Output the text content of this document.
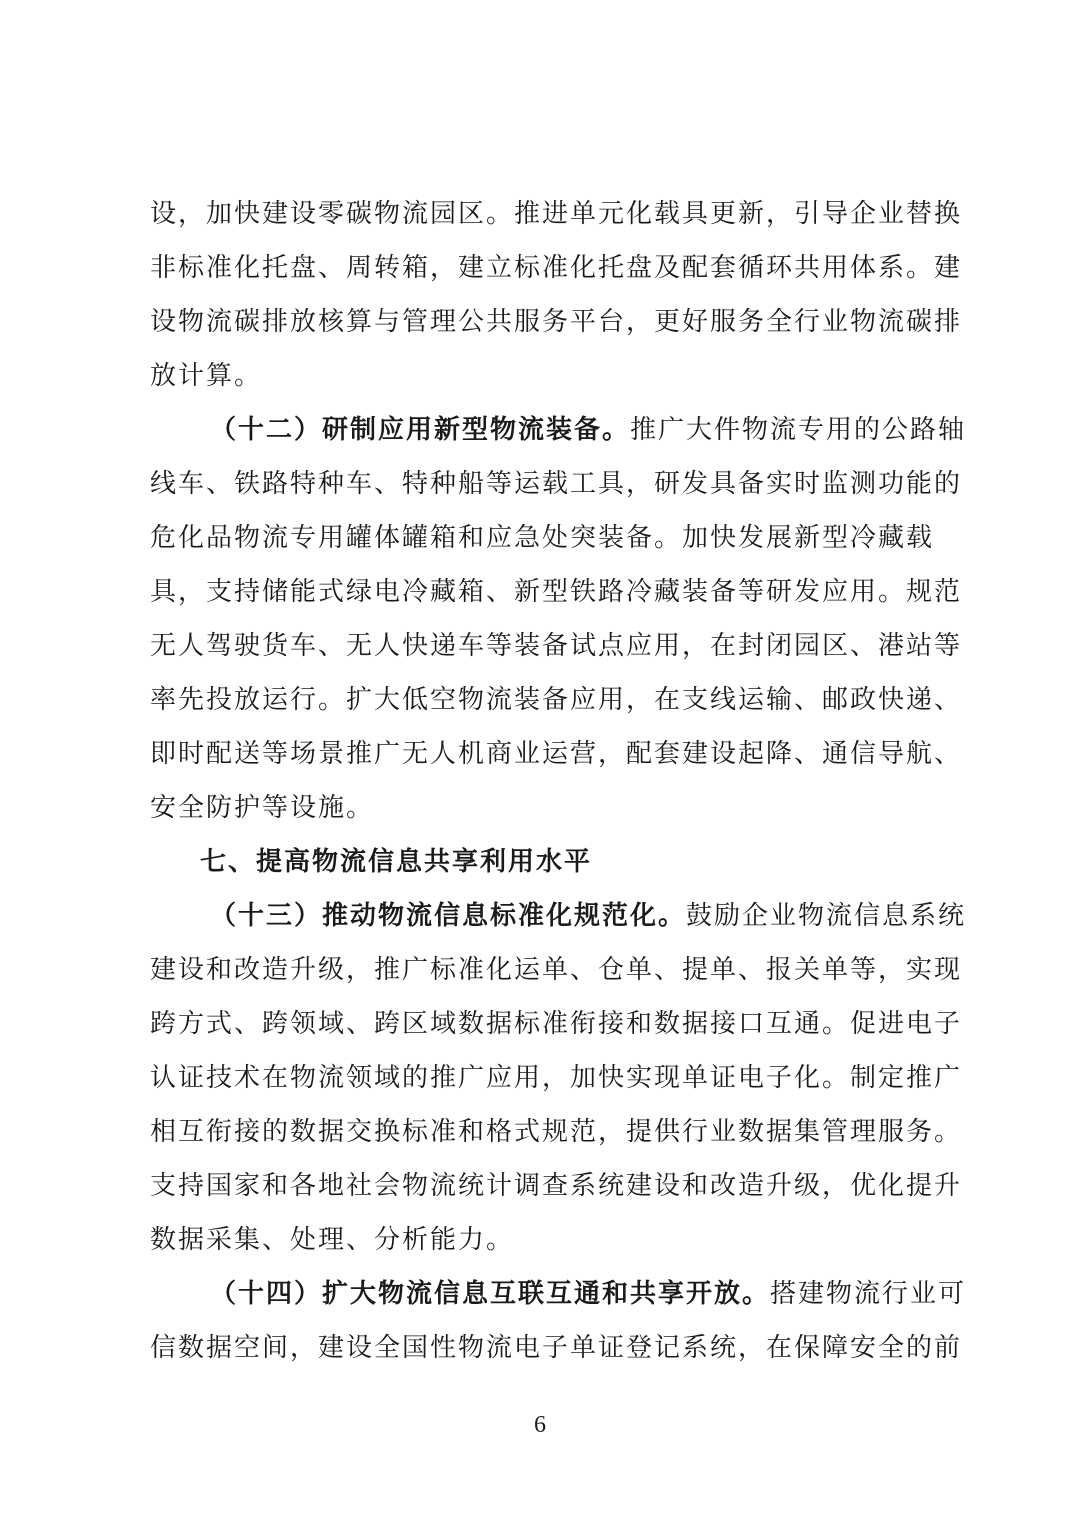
设，加快建设零碳物流园区。推进单元化载具更新，引导企业替换
非标准化托盘、周转箱，建立标准化托盘及配套循环共用体系。建
设物流碳排放核算与管理公共服务平台，更好服务全行业物流碳排
放计算。
（十二）研制应用新型物流装备。推广大件物流专用的公路轴
线车、铁路特种车、特种船等运载工具，研发具备实时监测功能的
危化品物流专用罐体罐箱和应急处突装备。加快发展新型冷藏载
具，支持储能式绿电冷藏箱、新型铁路冷藏装备等研发应用。规范
无人驾驶货车、无人快递车等装备试点应用，在封闭园区、港站等
率先投放运行。扩大低空物流装备应用，在支线运输、邮政快递、
即时配送等场景推广无人机商业运营，配套建设起降、通信导航、
安全防护等设施。
七、提高物流信息共享利用水平
（十三）推动物流信息标准化规范化。鼓励企业物流信息系统
建设和改造升级，推广标准化运单、仓单、提单、报关单等，实现
跨方式、跨领域、跨区域数据标准衔接和数据接口互通。促进电子
认证技术在物流领域的推广应用，加快实现单证电子化。制定推广
相互衔接的数据交换标准和格式规范，提供行业数据集管理服务。
支持国家和各地社会物流统计调查系统建设和改造升级，优化提升
数据采集、处理、分析能力。
（十四）扩大物流信息互联互通和共享开放。搭建物流行业可
信数据空间，建设全国性物流电子单证登记系统，在保障安全的前
6
